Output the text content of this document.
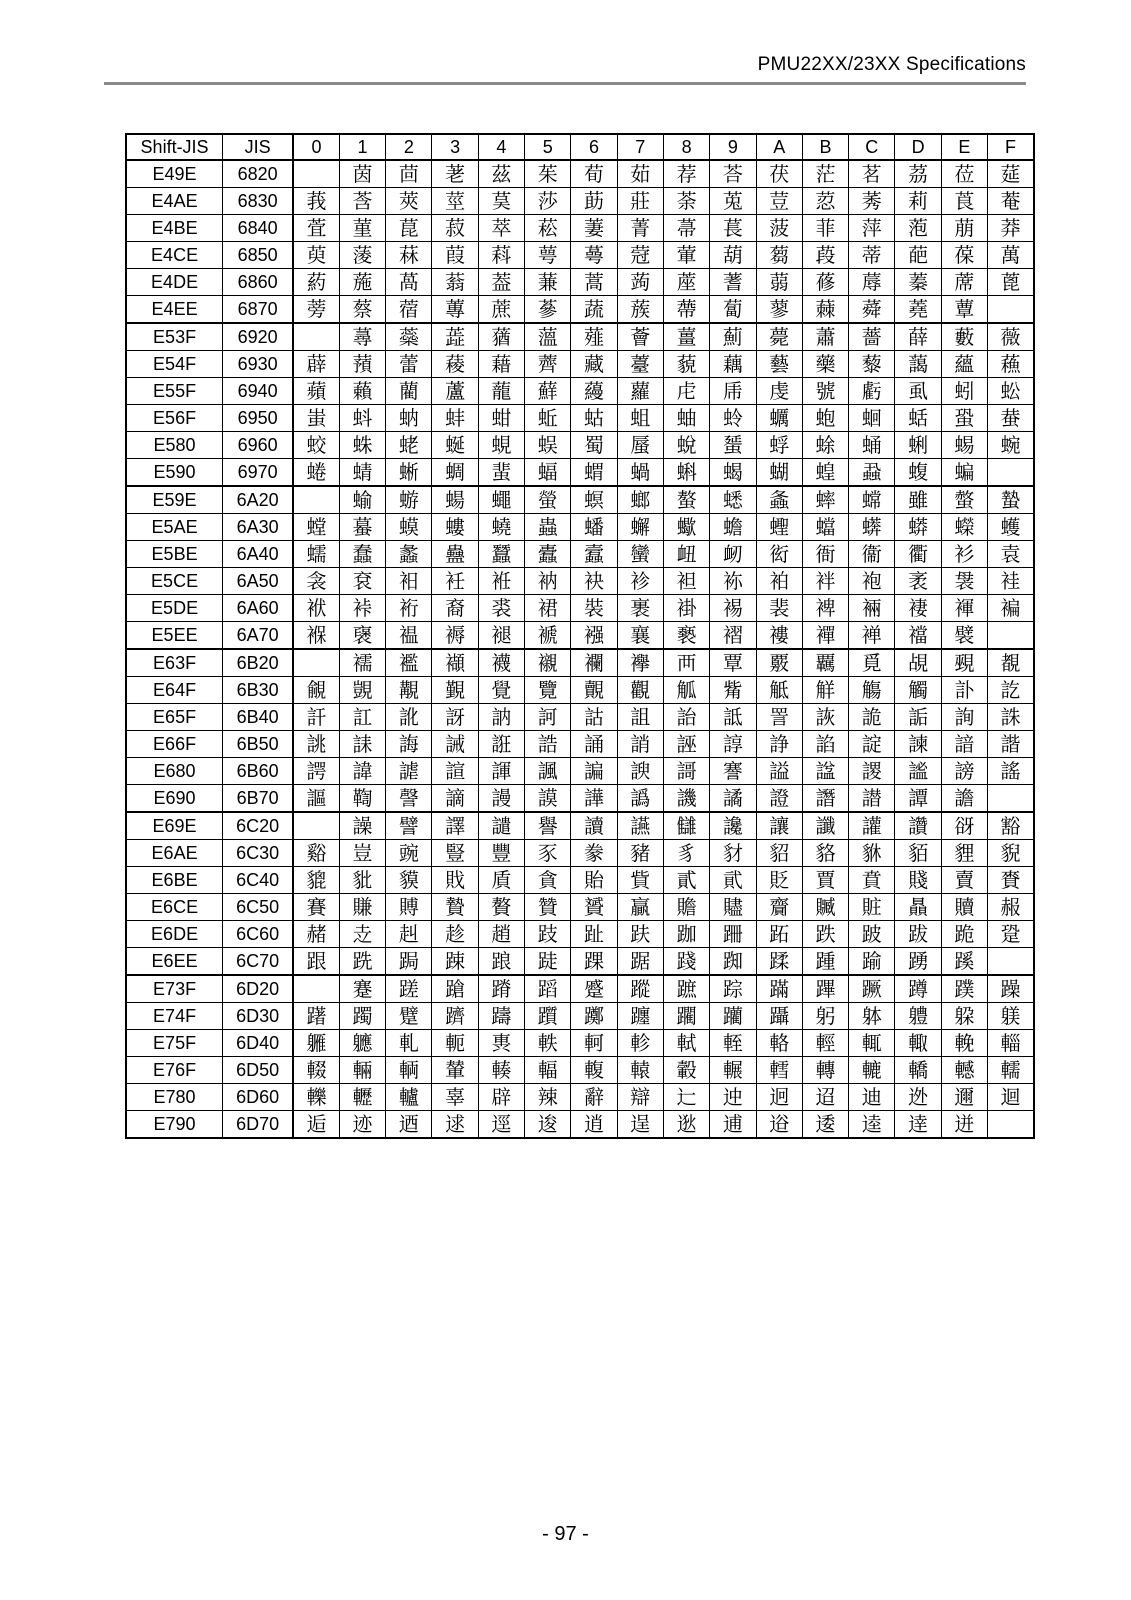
PMU22XX/23XX Specifications
Shift-JIS	JIS	0	1	2	3	4	5	6	7	8	9	A	B	C	D	E	F
E49E	6820		茵	茴	荖	茲	茱	荀	茹	荐	荅	茯	茫	茗	茘	莅	莚
E4AE	6830	莪	莟	莢	莖	茣	莎	莇	莊	荼	莵	荳	荵	莠	莉	莨	菴
E4BE	6840	萓	菫	菎	菽	萃	菘	萋	菁	菷	萇	菠	菲	萍	萢	萠	莽
E4CE	6850	萸	蔆	菻	葭	萪	萼	蕚	蒄	葷	葫	蒭	葮	蒂	葩	葆	萬
E4DE	6860	葯	葹	萵	蓊	葢	蒹	蒿	蒟	蓙	蓍	蒻	蓚	蓐	蓁	蓆	蓖
E4EE	6870	蒡	蔡	蓿	蓴	蔗	蔘	蔬	蔟	蔕	蔔	蓼	蕀	蕣	蕘	蕈	
E53F	6920		蕁	蘂	蕋	蕕	薀	薤	薈	薑	薊	薨	蕭	薔	薛	藪	薇
E54F	6930	薜	蕷	蕾	薐	藉	薺	藏	薹	藐	藕	藝	藥	藜	藹	蘊	蘓
E55F	6940	蘋	藾	藺	蘆	蘢	蘚	蘰	蘿	虍	乕	虔	號	虧	虱	蚓	蚣
E56F	6950	蚩	蚪	蚋	蚌	蚶	蚯	蛄	蛆	蚰	蛉	蠣	蚫	蛔	蛞	蛩	蛬
E580	6960	蛟	蛛	蛯	蜒	蜆	蜈	蜀	蜃	蛻	蜑	蜉	蜍	蛹	蜊	蜴	蜿
E590	6970	蜷	蜻	蜥	蜩	蜚	蝠	蝟	蝸	蝌	蝎	蝴	蝗	蝨	蝮	蝙	
E59E	6A20		蝓	蝣	蝪	蠅	螢	螟	螂	螯	蟋	螽	蟀	蟐	雖	螫	蟄
E5AE	6A30	螳	蟇	蟆	螻	蟯	蟲	蟠	蠏	蠍	蟾	蟶	蟷	蠎	蟒	蠑	蠖
E5BE	6A40	蠕	蠢	蠡	蠱	蠶	蠹	蠧	蠻	衄	衂	衒	衙	衞	衢	衫	袁
E5CE	6A50	衾	袞	衵	衽	袵	衲	袂	袗	袒	袮	袙	袢	袍	袤	袰	袿
E5DE	6A60	袱	裃	裄	裔	裘	裙	裝	裹	褂	裼	裴	裨	裲	褄	褌	褊
E5EE	6A70	褓	襃	褞	褥	褪	褫	襁	襄	褻	褶	褸	襌	褝	襠	襞	
E63F	6B20		襦	襤	襭	襪	襯	襴	襷	襾	覃	覈	覊	覓	覘	覡	覩
E64F	6B30	覦	覬	覯	覲	覺	覽	覿	觀	觚	觜	觝	觧	觴	觸	訃	訖
E65F	6B40	訐	訌	訛	訝	訥	訶	詁	詛	詒	詆	詈	詼	詭	詬	詢	誅
E66F	6B50	誂	誄	誨	誡	誑	誥	誦	誚	誣	諄	諍	諂	諚	諫	諳	諧
E680	6B60	諤	諱	謔	諠	諢	諷	諞	諛	謌	謇	謚	諡	謖	謐	謗	謠
E690	6B70	謳	鞫	謦	謫	謾	謨	譁	譌	譏	譎	證	譖	譛	譚	譫	
E69E	6C20		譟	譬	譯	譴	譽	讀	讌	讎	讒	讓	讖	讙	讚	谺	豁
E6AE	6C30	谿	豈	豌	豎	豐	豕	豢	豬	豸	豺	貂	貉	貅	貊	貍	貎
E6BE	6C40	貔	豼	貘	戝	貭	貪	貽	貲	貳	貮	貶	賈	賁	賤	賣	賚
E6CE	6C50	賽	賺	賻	贄	贅	贊	贇	贏	贍	贐	齎	贓	賍	贔	贖	赧
E6DE	6C60	赭	赱	赳	趁	趙	跂	趾	趺	跏	跚	跖	跌	跛	跋	跪	跫
E6EE	6C70	跟	跣	跼	踈	踉	跿	踝	踞	踐	踟	蹂	踵	踰	踴	蹊	
E73F	6D20		蹇	蹉	蹌	蹐	蹈	蹙	蹤	蹠	踪	蹣	蹕	蹶	蹲	蹼	躁
E74F	6D30	躇	躅	躄	躋	躊	躓	躑	躔	躙	躪	躡	躬	躰	軆	躱	躾
E75F	6D40	軅	軈	軋	軛	軣	軼	軻	軫	軾	輊	輅	輕	輒	輙	輓	輜
E76F	6D50	輟	輛	輌	輦	輳	輻	輹	轅	轂	輾	轌	轉	轆	轎	轗	轜
E780	6D60	轢	轣	轤	辜	辟	辣	辭	辯	辷	迚	迥	迢	迪	迯	邇	迴
E790	6D70	逅	迹	迺	逑	逕	逡	逍	逞	逖	逋	逧	逶	逵	逹	迸	
- 97 -
